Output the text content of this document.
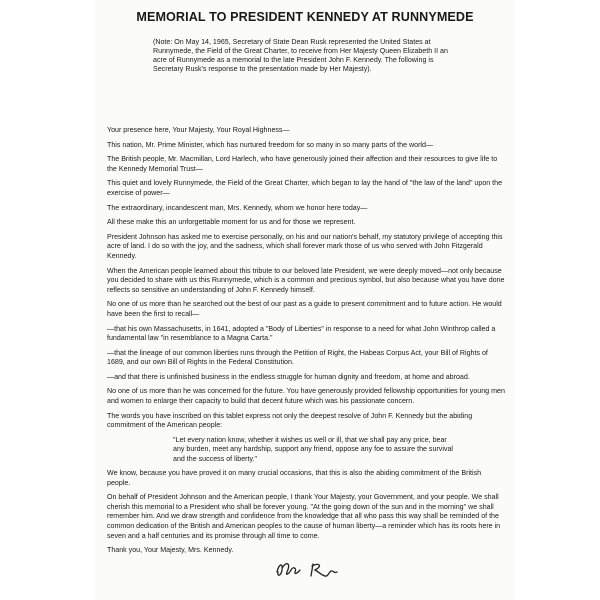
MEMORIAL TO PRESIDENT KENNEDY AT RUNNYMEDE
(Note: On May 14, 1965, Secretary of State Dean Rusk represented the United States at Runnymede, the Field of the Great Charter, to receive from Her Majesty Queen Elizabeth II an acre of Runnymede as a memorial to the late President John F. Kennedy. The following is Secretary Rusk's response to the presentation made by Her Majesty).

Your presence here, Your Majesty, Your Royal Highness—

This nation, Mr. Prime Minister, which has nurtured freedom for so many in so many parts of the world—

The British people, Mr. Macmillan, Lord Harlech, who have generously joined their affection and their resources to give life to the Kennedy Memorial Trust—

This quiet and lovely Runnymede, the Field of the Great Charter, which began to lay the hand of "the law of the land" upon the exercise of power—

The extraordinary, incandescent man, Mrs. Kennedy, whom we honor here today—

All these make this an unforgettable moment for us and for those we represent.

President Johnson has asked me to exercise personally, on his and our nation's behalf, my statutory privilege of accepting this acre of land. I do so with the joy, and the sadness, which shall forever mark those of us who served with John Fitzgerald Kennedy.

When the American people learned about this tribute to our beloved late President, we were deeply moved—not only because you decided to share with us this Runnymede, which is a common and precious symbol, but also because what you have done reflects so sensitive an understanding of John F. Kennedy himself.

No one of us more than he searched out the best of our past as a guide to present commitment and to future action. He would have been the first to recall—

—that his own Massachusetts, in 1641, adopted a "Body of Liberties" in response to a need for what John Winthrop called a fundamental law "in resemblance to a Magna Carta."

—that the lineage of our common liberties runs through the Petition of Right, the Habeas Corpus Act, your Bill of Rights of 1689, and our own Bill of Rights in the Federal Constitution.

—and that there is unfinished business in the endless struggle for human dignity and freedom, at home and abroad.

No one of us more than he was concerned for the future. You have generously provided fellowship opportunities for young men and women to enlarge their capacity to build that decent future which was his passionate concern.

The words you have inscribed on this tablet express not only the deepest resolve of John F. Kennedy but the abiding commitment of the American people:

"Let every nation know, whether it wishes us well or ill, that we shall pay any price, bear any burden, meet any hardship, support any friend, oppose any foe to assure the survival and the success of liberty."

We know, because you have proved it on many crucial occasions, that this is also the abiding commitment of the British people.

On behalf of President Johnson and the American people, I thank Your Majesty, your Government, and your people. We shall cherish this memorial to a President who shall be forever young. "At the going down of the sun and in the morning" we shall remember him. And we draw strength and confidence from the knowledge that all who pass this way shall be reminded of the common dedication of the British and American peoples to the cause of human liberty—a reminder which has its roots here in seven and a half centuries and its promise through all time to come.

Thank you, Your Majesty, Mrs. Kennedy.
